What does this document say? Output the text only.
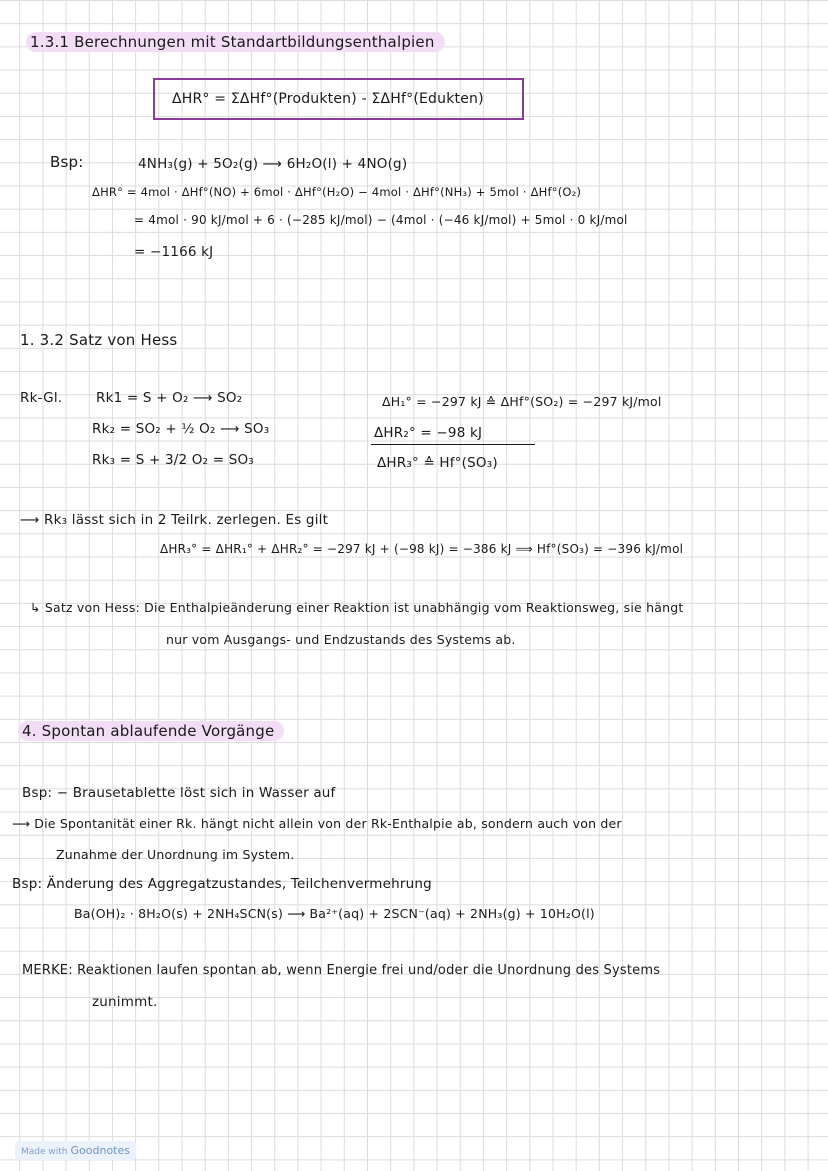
1.3.1 Berechnungen mit Standartbildungsenthalpien
ΔHR° = ΣΔHf°(Produkten) - ΣΔHf°(Edukten)
Bsp:	4NH₃(g) + 5O₂(g) ⟶ 6H₂O(l) + 4NO(g)
ΔHR° = 4mol · ΔHf°(NO) + 6mol · ΔHf°(H₂O) − 4mol · ΔHf°(NH₃) + 5mol · ΔHf°(O₂)
= 4mol · 90 kJ/mol + 6 · (−285 kJ/mol) − (4mol · (−46 kJ/mol) + 5mol · 0 kJ/mol
= −1166 kJ
1. 3.2 Satz von Hess
Rk-Gl. Rk1 = S + O₂ ⟶ SO₂
Rk₂ = SO₂ + ½ O₂ ⟶ SO₃
Rk₃ = S + 3/2 O₂ = SO₃
ΔH₁° = −297 kJ ≙ ΔHf°(SO₂) = −297 kJ/mol
ΔHR₂° = −98 kJ
ΔHR₃° ≙ Hf°(SO₃)
⟶ Rk₃ lässt sich in 2 Teilrk. zerlegen. Es gilt
ΔHR₃° = ΔHR₁° + ΔHR₂° = −297 kJ + (−98 kJ) = −386 kJ ⟹ Hf°(SO₃) = −396 kJ/mol
↳ Satz von Hess: Die Enthalpieänderung einer Reaktion ist unabhängig vom Reaktionsweg, sie hängt
nur vom Ausgangs- und Endzustands des Systems ab.
4. Spontan ablaufende Vorgänge
Bsp: − Brausetablette löst sich in Wasser auf
⟶ Die Spontanität einer Rk. hängt nicht allein von der Rk-Enthalpie ab, sondern auch von der
Zunahme der Unordnung im System.
Bsp: Änderung des Aggregatzustandes, Teilchenvermehrung
Ba(OH)₂ · 8H₂O(s) + 2NH₄SCN(s) ⟶ Ba²⁺(aq) + 2SCN⁻(aq) + 2NH₃(g) + 10H₂O(l)
MERKE: Reaktionen laufen spontan ab, wenn Energie frei und/oder die Unordnung des Systems
zunimmt.
Made with Goodnotes
